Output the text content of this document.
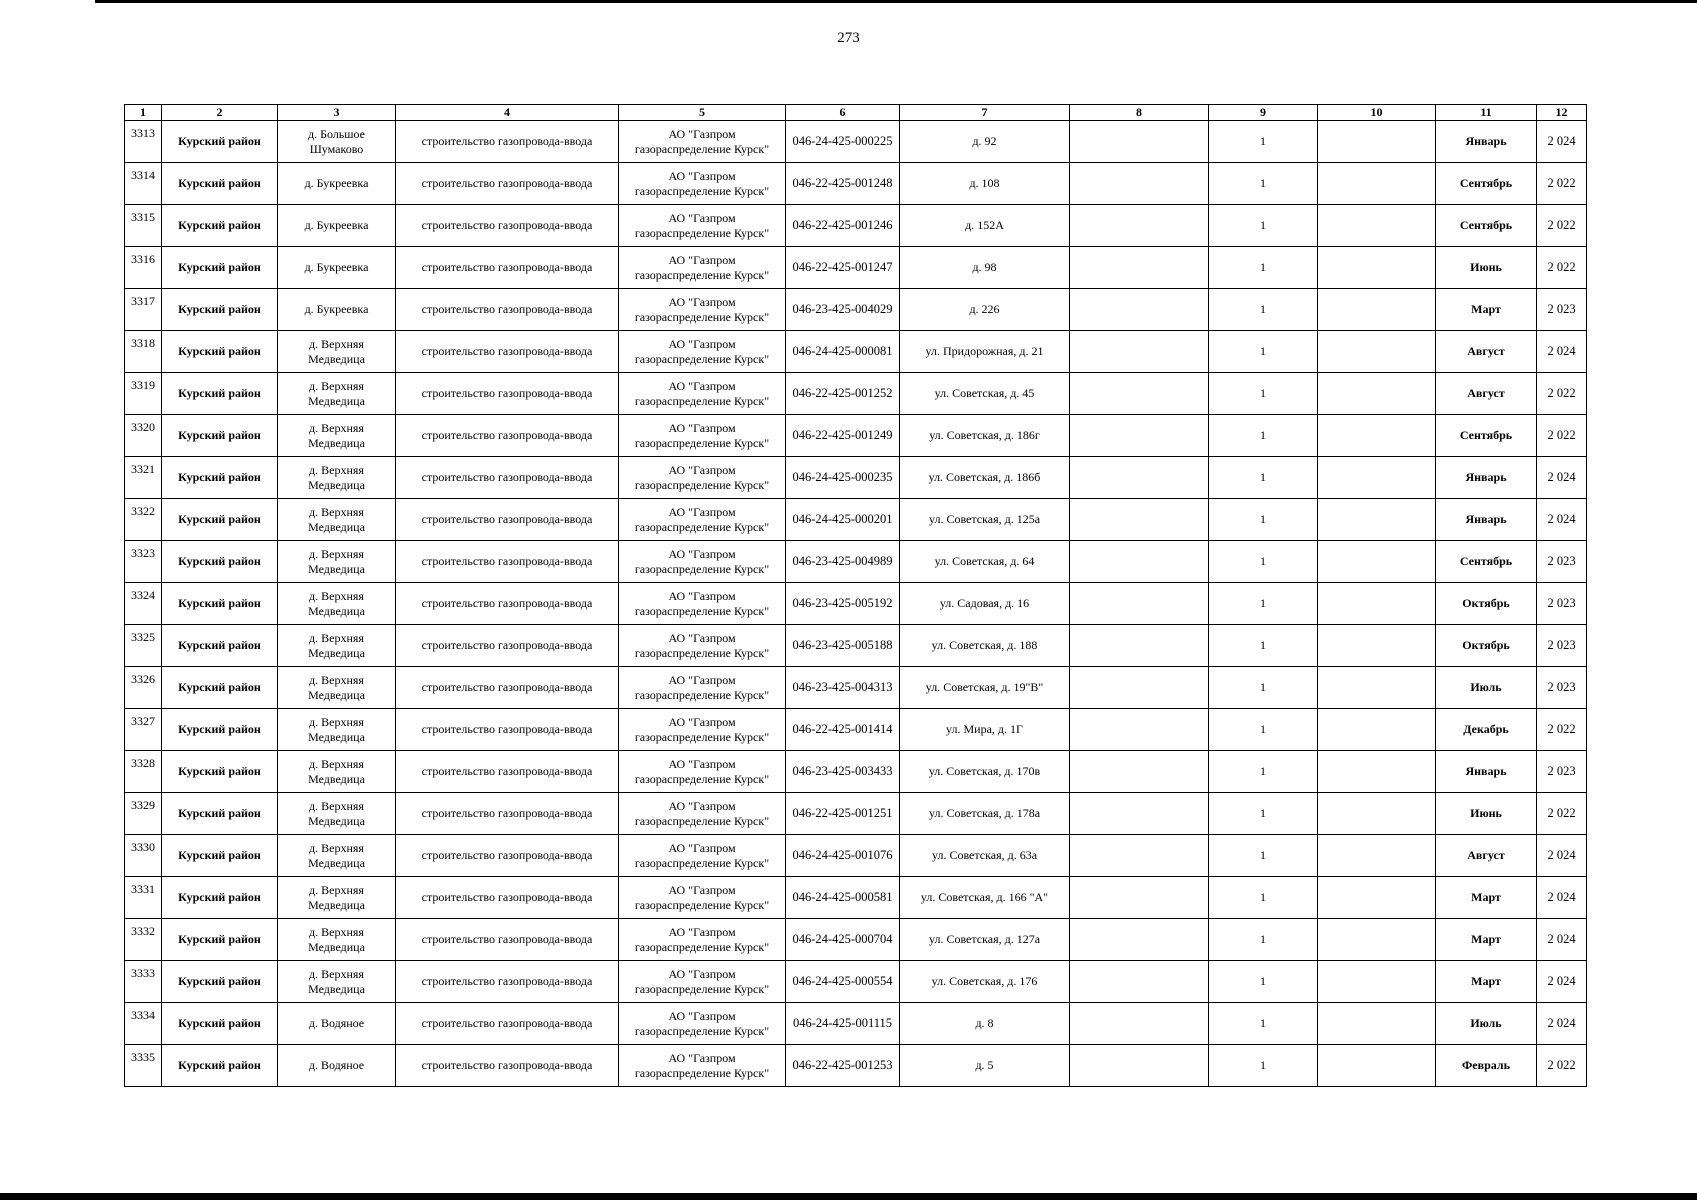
273
1	2	3	4	5	6	7	8	9	10	11	12
3313	Курский район	д. Большое Шумаково	строительство газопровода-ввода	АО "Газпром газораспределение Курск"	046-24-425-000225	д. 92		1		Январь	2 024
3314	Курский район	д. Букреевка	строительство газопровода-ввода	АО "Газпром газораспределение Курск"	046-22-425-001248	д. 108		1		Сентябрь	2 022
3315	Курский район	д. Букреевка	строительство газопровода-ввода	АО "Газпром газораспределение Курск"	046-22-425-001246	д. 152А		1		Сентябрь	2 022
3316	Курский район	д. Букреевка	строительство газопровода-ввода	АО "Газпром газораспределение Курск"	046-22-425-001247	д. 98		1		Июнь	2 022
3317	Курский район	д. Букреевка	строительство газопровода-ввода	АО "Газпром газораспределение Курск"	046-23-425-004029	д. 226		1		Март	2 023
3318	Курский район	д. Верхняя Медведица	строительство газопровода-ввода	АО "Газпром газораспределение Курск"	046-24-425-000081	ул. Придорожная, д. 21		1		Август	2 024
3319	Курский район	д. Верхняя Медведица	строительство газопровода-ввода	АО "Газпром газораспределение Курск"	046-22-425-001252	ул. Советская, д. 45		1		Август	2 022
3320	Курский район	д. Верхняя Медведица	строительство газопровода-ввода	АО "Газпром газораспределение Курск"	046-22-425-001249	ул. Советская, д. 186г		1		Сентябрь	2 022
3321	Курский район	д. Верхняя Медведица	строительство газопровода-ввода	АО "Газпром газораспределение Курск"	046-24-425-000235	ул. Советская, д. 186б		1		Январь	2 024
3322	Курский район	д. Верхняя Медведица	строительство газопровода-ввода	АО "Газпром газораспределение Курск"	046-24-425-000201	ул. Советская, д. 125а		1		Январь	2 024
3323	Курский район	д. Верхняя Медведица	строительство газопровода-ввода	АО "Газпром газораспределение Курск"	046-23-425-004989	ул. Советская, д. 64		1		Сентябрь	2 023
3324	Курский район	д. Верхняя Медведица	строительство газопровода-ввода	АО "Газпром газораспределение Курск"	046-23-425-005192	ул. Садовая, д. 16		1		Октябрь	2 023
3325	Курский район	д. Верхняя Медведица	строительство газопровода-ввода	АО "Газпром газораспределение Курск"	046-23-425-005188	ул. Советская, д. 188		1		Октябрь	2 023
3326	Курский район	д. Верхняя Медведица	строительство газопровода-ввода	АО "Газпром газораспределение Курск"	046-23-425-004313	ул. Советская, д. 19"В"		1		Июль	2 023
3327	Курский район	д. Верхняя Медведица	строительство газопровода-ввода	АО "Газпром газораспределение Курск"	046-22-425-001414	ул. Мира, д. 1Г		1		Декабрь	2 022
3328	Курский район	д. Верхняя Медведица	строительство газопровода-ввода	АО "Газпром газораспределение Курск"	046-23-425-003433	ул. Советская, д. 170в		1		Январь	2 023
3329	Курский район	д. Верхняя Медведица	строительство газопровода-ввода	АО "Газпром газораспределение Курск"	046-22-425-001251	ул. Советская, д. 178а		1		Июнь	2 022
3330	Курский район	д. Верхняя Медведица	строительство газопровода-ввода	АО "Газпром газораспределение Курск"	046-24-425-001076	ул. Советская, д. 63а		1		Август	2 024
3331	Курский район	д. Верхняя Медведица	строительство газопровода-ввода	АО "Газпром газораспределение Курск"	046-24-425-000581	ул. Советская, д. 166 "А"		1		Март	2 024
3332	Курский район	д. Верхняя Медведица	строительство газопровода-ввода	АО "Газпром газораспределение Курск"	046-24-425-000704	ул. Советская, д. 127а		1		Март	2 024
3333	Курский район	д. Верхняя Медведица	строительство газопровода-ввода	АО "Газпром газораспределение Курск"	046-24-425-000554	ул. Советская, д. 176		1		Март	2 024
3334	Курский район	д. Водяное	строительство газопровода-ввода	АО "Газпром газораспределение Курск"	046-24-425-001115	д. 8		1		Июль	2 024
3335	Курский район	д. Водяное	строительство газопровода-ввода	АО "Газпром газораспределение Курск"	046-22-425-001253	д. 5		1		Февраль	2 022
